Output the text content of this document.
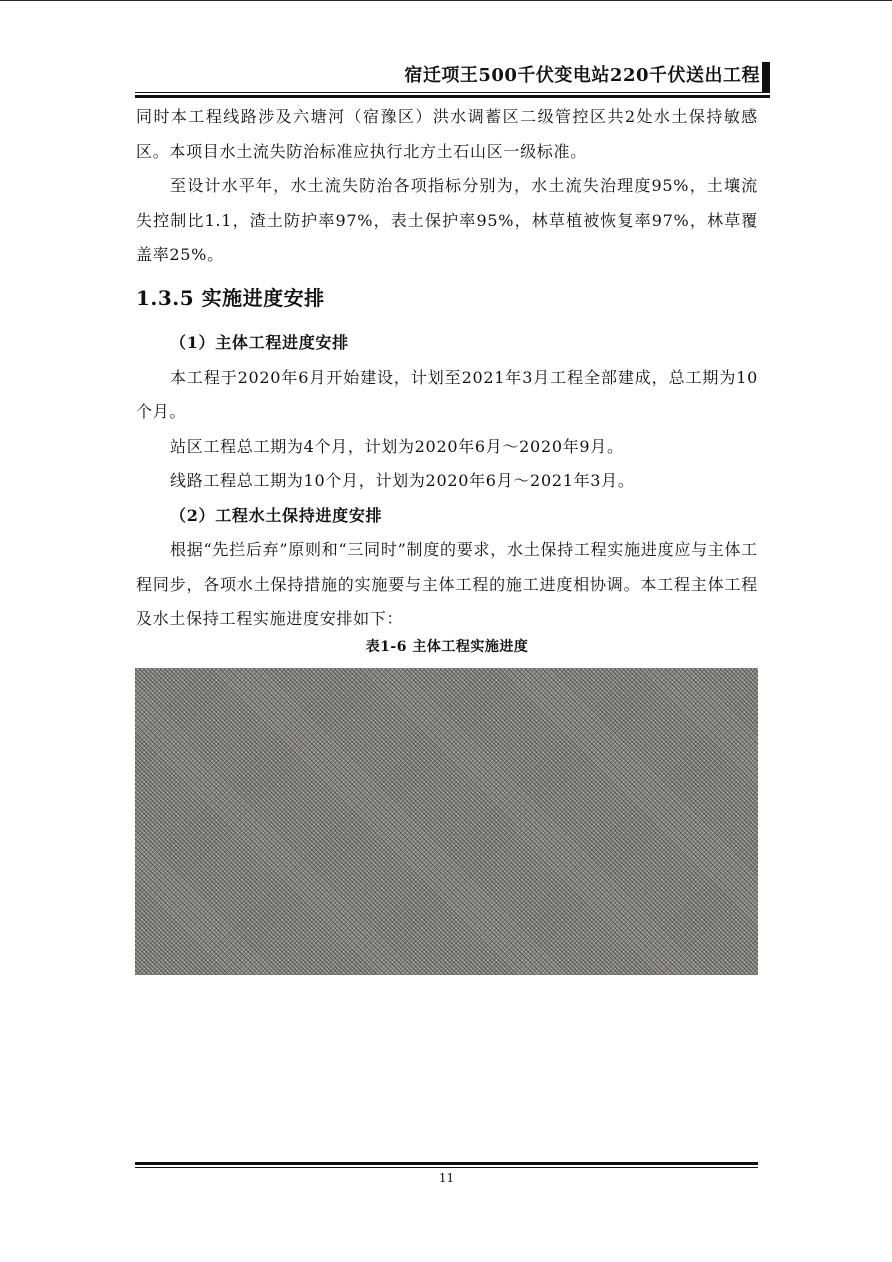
宿迁项王500千伏变电站220千伏送出工程

同时本工程线路涉及六塘河（宿豫区）洪水调蓄区二级管控区共2处水土保持敏感区。本项目水土流失防治标准应执行北方土石山区一级标准。

至设计水平年，水土流失防治各项指标分别为，水土流失治理度95%，土壤流失控制比1.1，渣土防护率97%，表土保护率95%，林草植被恢复率97%，林草覆盖率25%。

1.3.5 实施进度安排

（1）主体工程进度安排

本工程于2020年6月开始建设，计划至2021年3月工程全部建成，总工期为10个月。

站区工程总工期为4个月，计划为2020年6月～2020年9月。

线路工程总工期为10个月，计划为2020年6月～2021年3月。

（2）工程水土保持进度安排

根据“先拦后弃”原则和“三同时”制度的要求，水土保持工程实施进度应与主体工程同步，各项水土保持措施的实施要与主体工程的施工进度相协调。本工程主体工程及水土保持工程实施进度安排如下：

表1-6 主体工程实施进度
11
